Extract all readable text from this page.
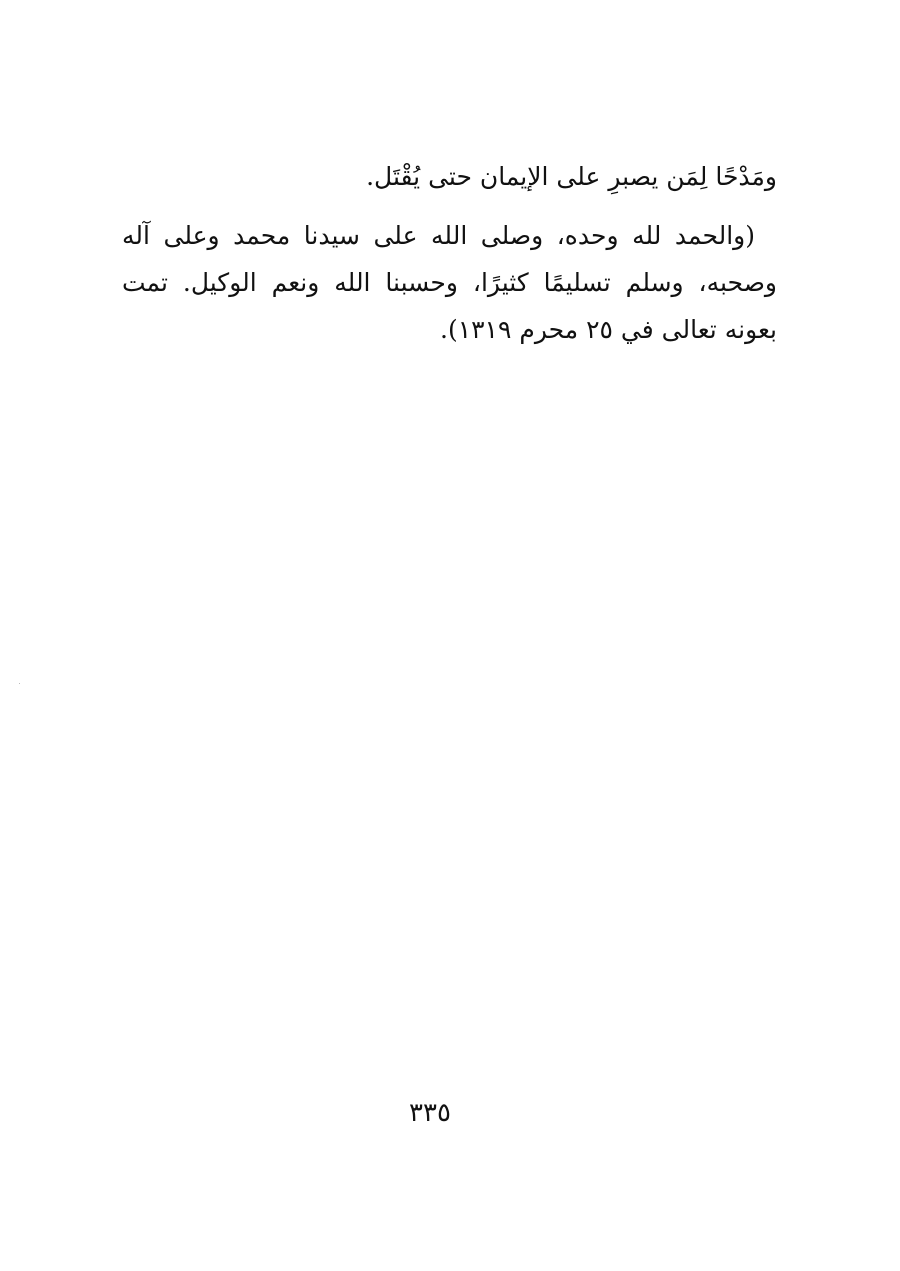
ومَدْحًا لِمَن يصبرِ على الإيمان حتى يُقْتَل.

(والحمد لله وحده، وصلى الله على سيدنا محمد وعلى آله وصحبه، وسلم تسليمًا كثيرًا، وحسبنا الله ونعم الوكيل. تمت بعونه تعالى في ٢٥ محرم ١٣١٩).

٣٣٥
